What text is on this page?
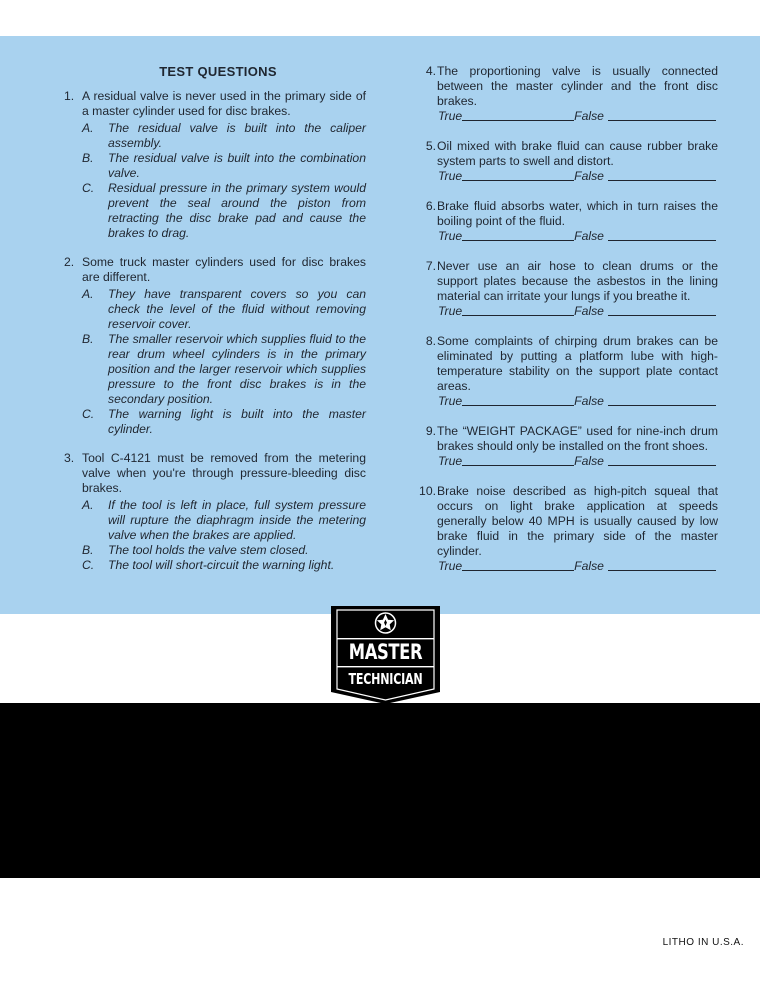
TEST QUESTIONS
1. A residual valve is never used in the primary side of a master cylinder used for disc brakes.
A.	The residual valve is built into the caliper assembly.
B.	The residual valve is built into the combination valve.
C.	Residual pressure in the primary system would prevent the seal around the piston from retracting the disc brake pad and cause the brakes to drag.
2. Some truck master cylinders used for disc brakes are different.
A.	They have transparent covers so you can check the level of the fluid without removing reservoir cover.
B.	The smaller reservoir which supplies fluid to the rear drum wheel cylinders is in the primary position and the larger reservoir which supplies pressure to the front disc brakes is in the secondary position.
C.	The warning light is built into the master cylinder.
3. Tool C-4121 must be removed from the metering valve when you're through pressure-bleeding disc brakes.
A.	If the tool is left in place, full system pressure will rupture the diaphragm inside the metering valve when the brakes are applied.
B.	The tool holds the valve stem closed.
C.	The tool will short-circuit the warning light.
4. The proportioning valve is usually connected between the master cylinder and the front disc brakes.
True	False
5. Oil mixed with brake fluid can cause rubber brake system parts to swell and distort.
True	False
6. Brake fluid absorbs water, which in turn raises the boiling point of the fluid.
True	False
7. Never use an air hose to clean drums or the support plates because the asbestos in the lining material can irritate your lungs if you breathe it.
True	False
8. Some complaints of chirping drum brakes can be eliminated by putting a platform lube with high-temperature stability on the support plate contact areas.
True	False
9. The “WEIGHT PACKAGE” used for nine-inch drum brakes should only be installed on the front shoes.
True	False
10. Brake noise described as high-pitch squeal that occurs on light brake application at speeds generally below 40 MPH is usually caused by low brake fluid in the primary side of the master cylinder.
True	False
MASTER
TECHNICIAN
LITHO IN U.S.A.
